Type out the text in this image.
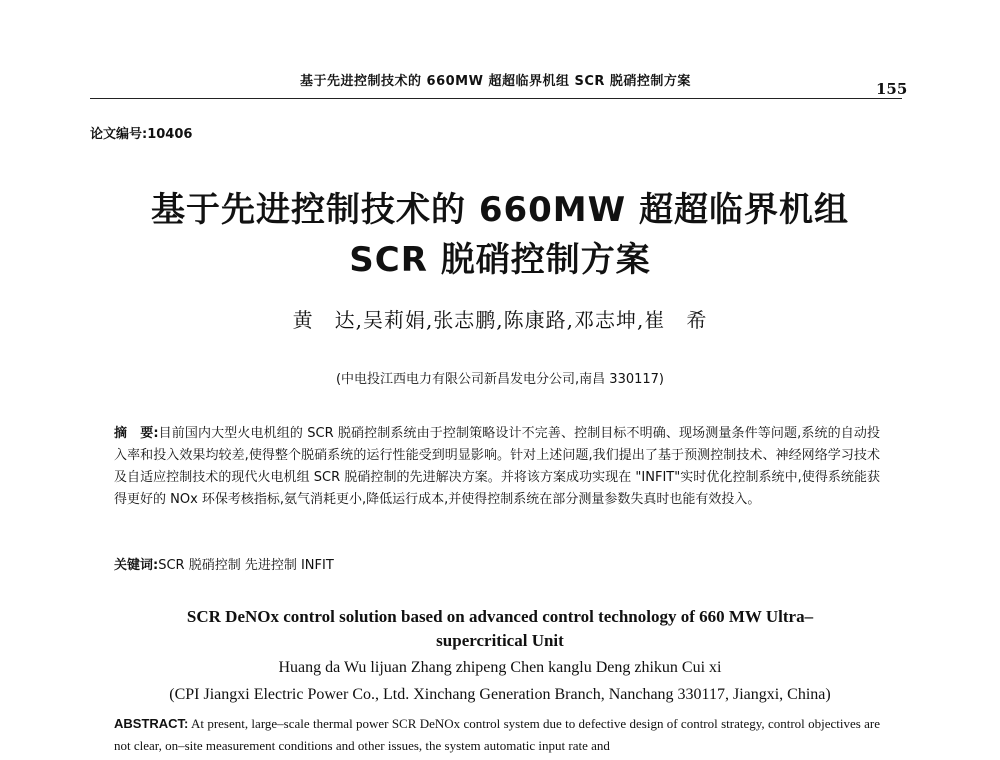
基于先进控制技术的 660MW 超超临界机组 SCR 脱硝控制方案	155
论文编号:10406
基于先进控制技术的 660MW 超超临界机组
SCR 脱硝控制方案
黄　达,吴莉娟,张志鹏,陈康路,邓志坤,崔　希
(中电投江西电力有限公司新昌发电分公司,南昌 330117)
摘　要:目前国内大型火电机组的 SCR 脱硝控制系统由于控制策略设计不完善、控制目标不明确、现场测量条件等问题,系统的自动投入率和投入效果均较差,使得整个脱硝系统的运行性能受到明显影响。针对上述问题,我们提出了基于预测控制技术、神经网络学习技术及自适应控制技术的现代火电机组 SCR 脱硝控制的先进解决方案。并将该方案成功实现在 "INFIT"实时优化控制系统中,使得系统能获得更好的 NOx 环保考核指标,氨气消耗更小,降低运行成本,并使得控制系统在部分测量参数失真时也能有效投入。
关键词:SCR 脱硝控制 先进控制 INFIT
SCR DeNOx control solution based on advanced control technology of 660 MW Ultra–
supercritical Unit
Huang da Wu lijuan Zhang zhipeng Chen kanglu Deng zhikun Cui xi
(CPI Jiangxi Electric Power Co., Ltd. Xinchang Generation Branch, Nanchang 330117, Jiangxi, China)
ABSTRACT: At present, large–scale thermal power SCR DeNOx control system due to defective design of control strategy, control objectives are not clear, on–site measurement conditions and other issues, the system automatic input rate and
